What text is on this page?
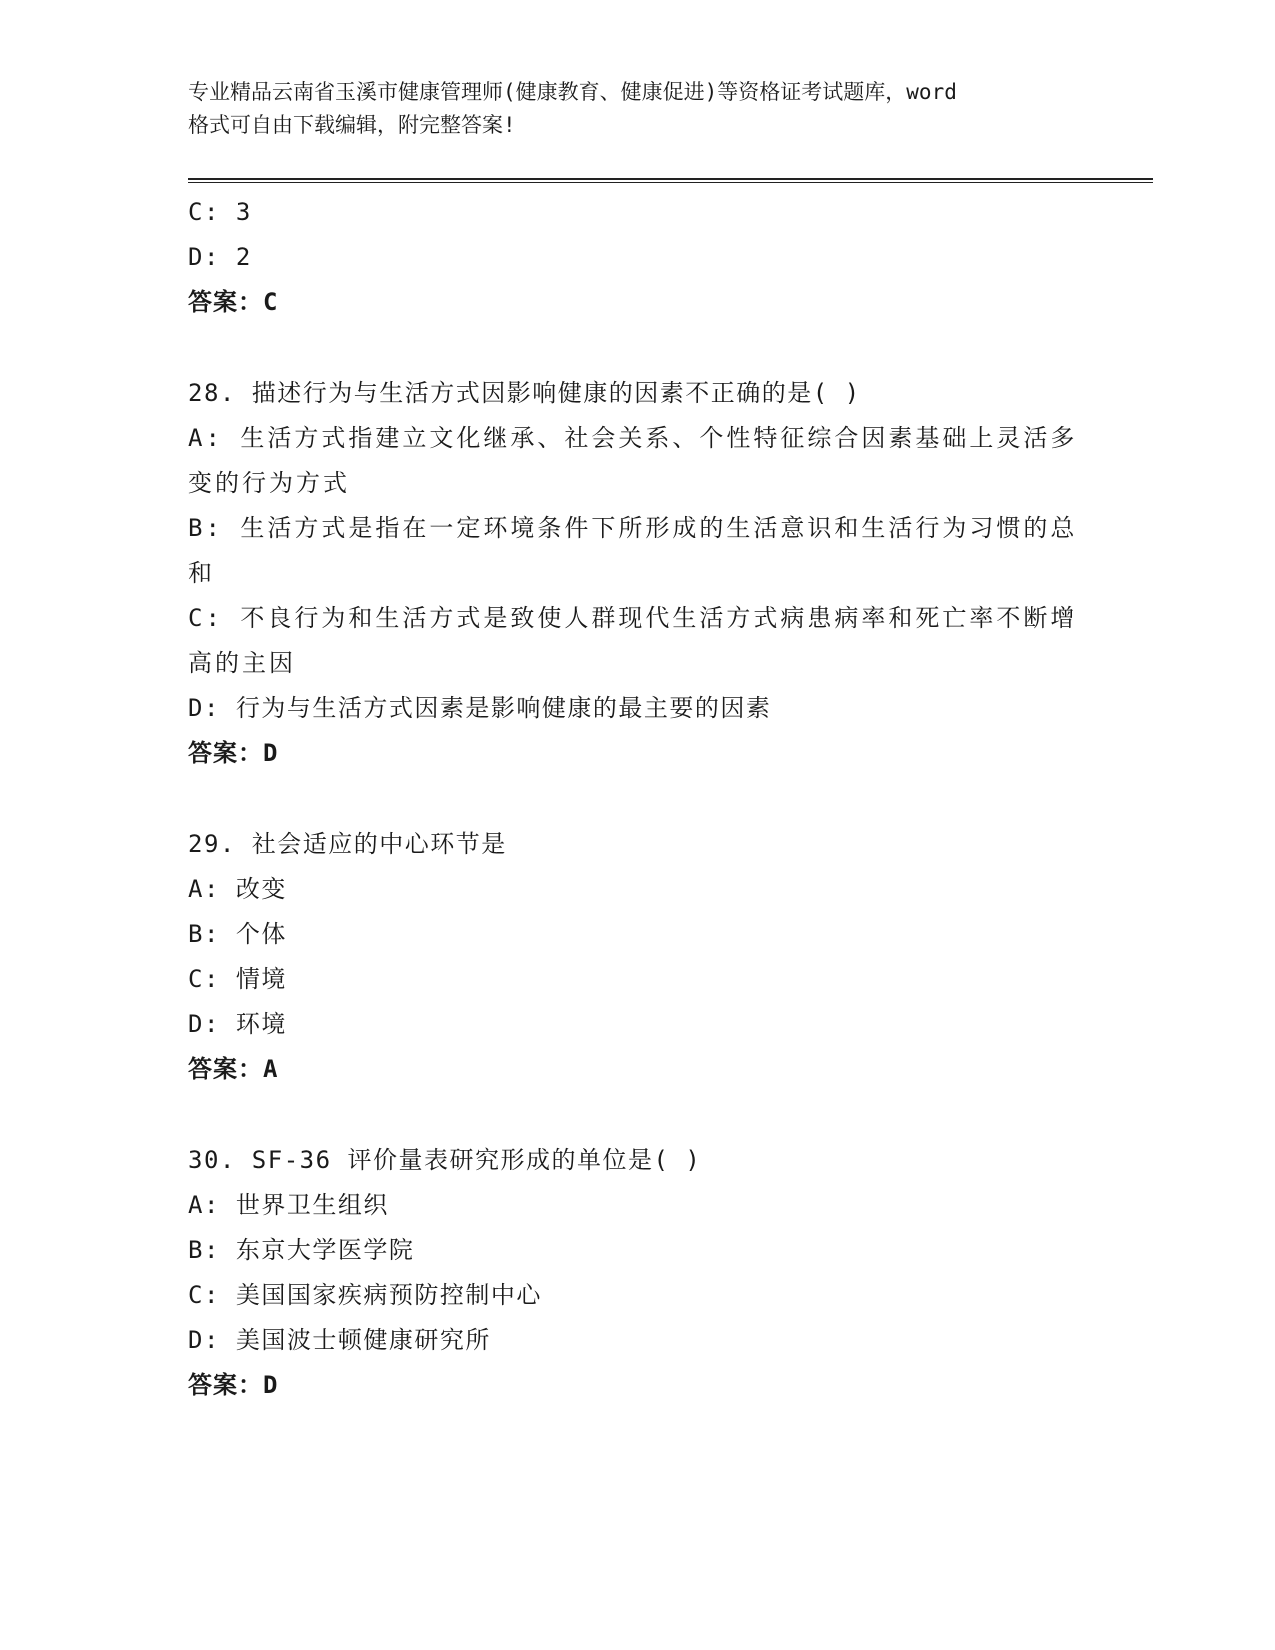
专业精品云南省玉溪市健康管理师(健康教育、健康促进)等资格证考试题库，word
格式可自由下载编辑，附完整答案!
C: 3
D: 2
答案：C
28. 描述行为与生活方式因影响健康的因素不正确的是( )
A: 生活方式指建立文化继承、社会关系、个性特征综合因素基础上灵活多变的行为方式
B: 生活方式是指在一定环境条件下所形成的生活意识和生活行为习惯的总和
C: 不良行为和生活方式是致使人群现代生活方式病患病率和死亡率不断增高的主因
D: 行为与生活方式因素是影响健康的最主要的因素
答案：D
29. 社会适应的中心环节是
A: 改变
B: 个体
C: 情境
D: 环境
答案：A
30. SF-36 评价量表研究形成的单位是( )
A: 世界卫生组织
B: 东京大学医学院
C: 美国国家疾病预防控制中心
D: 美国波士顿健康研究所
答案：D
